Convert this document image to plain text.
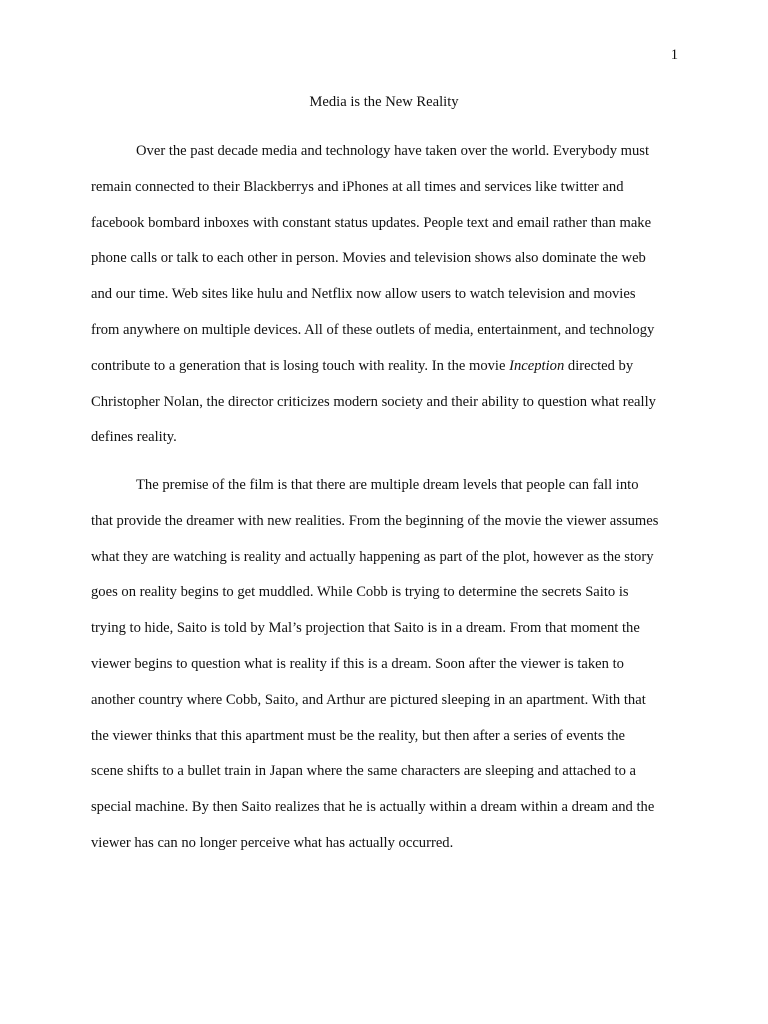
1
Media is the New Reality
Over the past decade media and technology have taken over the world. Everybody must
remain connected to their Blackberrys and iPhones at all times and services like twitter and
facebook bombard inboxes with constant status updates. People text and email rather than make
phone calls or talk to each other in person. Movies and television shows also dominate the web
and our time. Web sites like hulu and Netflix now allow users to watch television and movies
from anywhere on multiple devices. All of these outlets of media, entertainment, and technology
contribute to a generation that is losing touch with reality. In the movie Inception directed by
Christopher Nolan, the director criticizes modern society and their ability to question what really
defines reality.
The premise of the film is that there are multiple dream levels that people can fall into
that provide the dreamer with new realities. From the beginning of the movie the viewer assumes
what they are watching is reality and actually happening as part of the plot, however as the story
goes on reality begins to get muddled. While Cobb is trying to determine the secrets Saito is
trying to hide, Saito is told by Mal’s projection that Saito is in a dream. From that moment the
viewer begins to question what is reality if this is a dream. Soon after the viewer is taken to
another country where Cobb, Saito, and Arthur are pictured sleeping in an apartment. With that
the viewer thinks that this apartment must be the reality, but then after a series of events the
scene shifts to a bullet train in Japan where the same characters are sleeping and attached to a
special machine. By then Saito realizes that he is actually within a dream within a dream and the
viewer has can no longer perceive what has actually occurred.
